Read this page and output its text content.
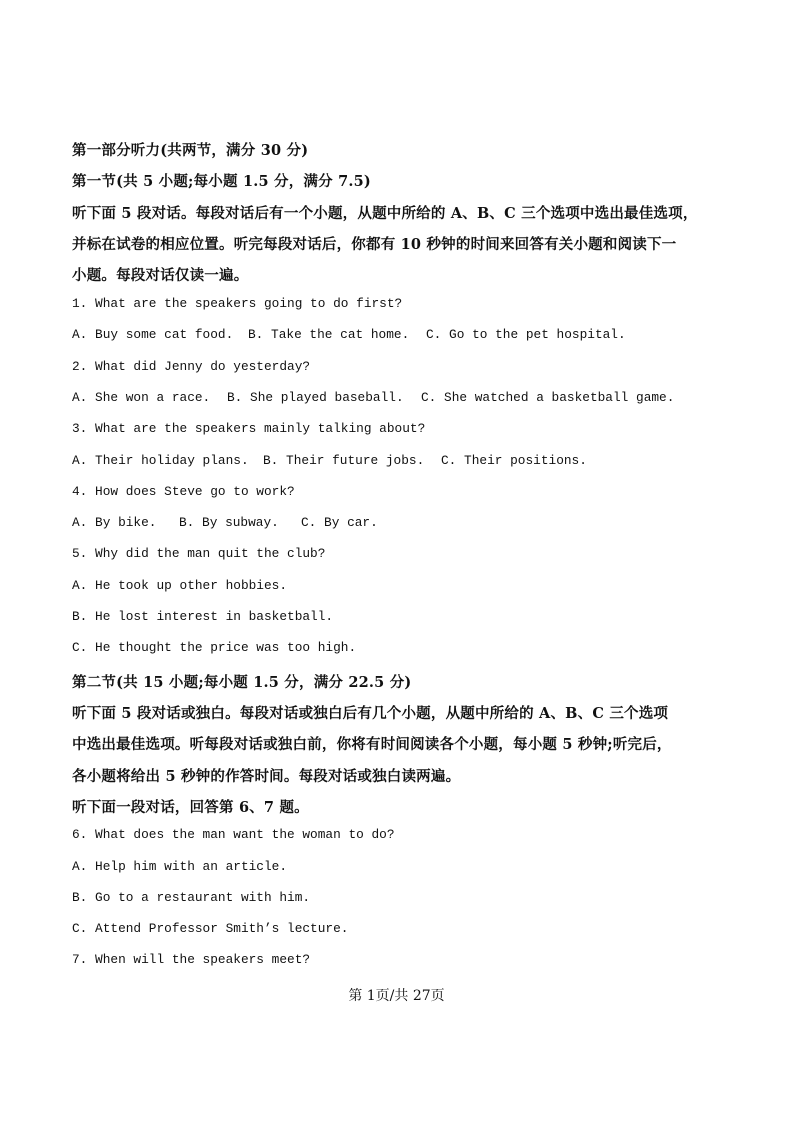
第一部分听力(共两节，满分 30 分)
第一节(共 5 小题;每小题 1.5 分，满分 7.5)
听下面 5 段对话。每段对话后有一个小题，从题中所给的 A、B、C 三个选项中选出最佳选项，
并标在试卷的相应位置。听完每段对话后，你都有 10 秒钟的时间来回答有关小题和阅读下一
小题。每段对话仅读一遍。
1. What are the speakers going to do first?
A. Buy some cat food. B. Take the cat home. C. Go to the pet hospital.
2. What did Jenny do yesterday?
A. She won a race. B. She played baseball. C. She watched a basketball game.
3. What are the speakers mainly talking about?
A. Their holiday plans. B. Their future jobs. C. Their positions.
4. How does Steve go to work?
A. By bike. B. By subway. C. By car.
5. Why did the man quit the club?
A. He took up other hobbies.
B. He lost interest in basketball.
C. He thought the price was too high.
第二节(共 15 小题;每小题 1.5 分，满分 22.5 分)
听下面 5 段对话或独白。每段对话或独白后有几个小题，从题中所给的 A、B、C 三个选项
中选出最佳选项。听每段对话或独白前，你将有时间阅读各个小题，每小题 5 秒钟;听完后，
各小题将给出 5 秒钟的作答时间。每段对话或独白读两遍。
听下面一段对话，回答第 6、7 题。
6. What does the man want the woman to do?
A. Help him with an article.
B. Go to a restaurant with him.
C. Attend Professor Smith’s lecture.
7. When will the speakers meet?
第 1页/共 27页
